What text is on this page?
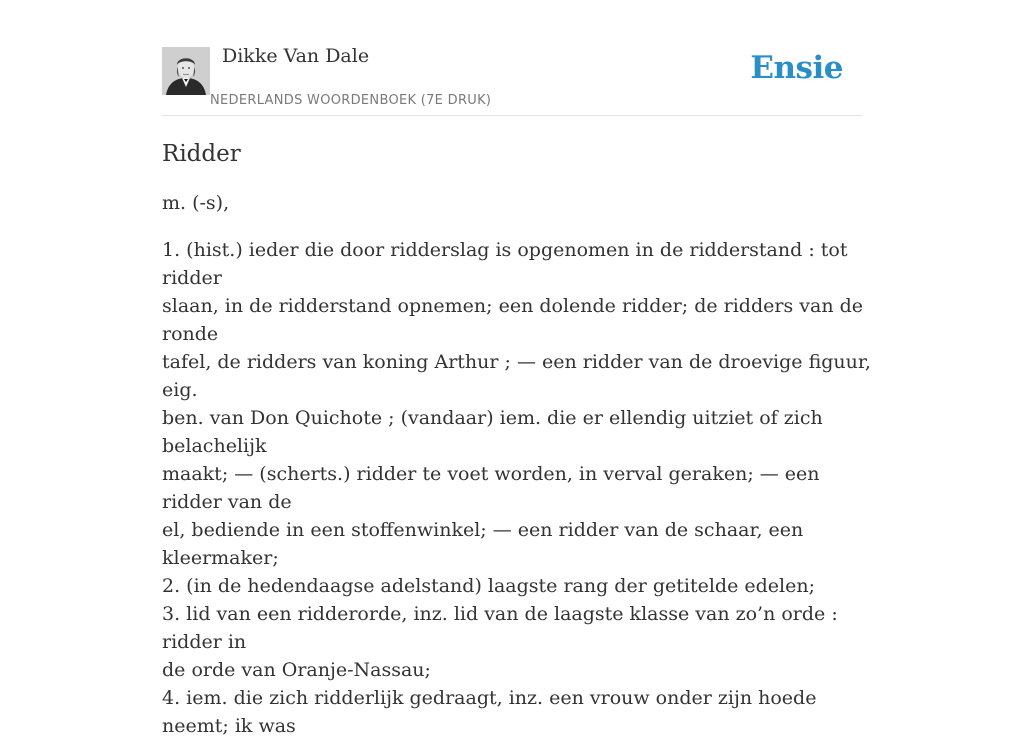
Dikke Van Dale
NEDERLANDS WOORDENBOEK (7E DRUK)
Ensie
Ridder

m. (-s),

1. (hist.) ieder die door ridderslag is opgenomen in de ridderstand : tot ridder
slaan, in de ridderstand opnemen; een dolende ridder; de ridders van de ronde
tafel, de ridders van koning Arthur ; — een ridder van de droevige figuur, eig.
ben. van Don Quichote ; (vandaar) iem. die er ellendig uitziet of zich belachelijk
maakt; — (scherts.) ridder te voet worden, in verval geraken; — een ridder van de
el, bediende in een stoffenwinkel; — een ridder van de schaar, een kleermaker;
2. (in de hedendaagse adelstand) laagste rang der getitelde edelen;
3. lid van een ridderorde, inz. lid van de laagste klasse van zo’n orde : ridder in
de orde van Oranje-Nassau;
4. iem. die zich ridderlijk gedraagt, inz. een vrouw onder zijn hoede neemt; ik was
